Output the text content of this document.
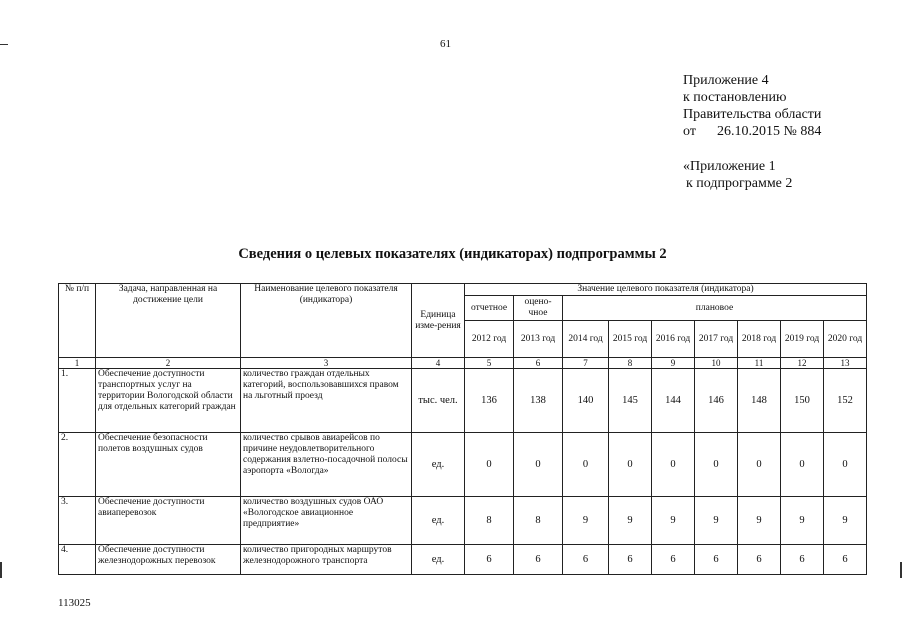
61
Приложение 4
к постановлению
Правительства области
от 26.10.2015 № 884
«Приложение 1
к подпрограмме 2
Сведения о целевых показателях (индикаторах) подпрограммы 2
№ п/п	Задача, направленная на достижение цели	Наименование целевого показателя (индикатора)	Единица изме-рения	Значение целевого показателя (индикатора)								
				отчетное	оцено-чное	плановое						
				2012 год	2013 год	2014 год	2015 год	2016 год	2017 год	2018 год	2019 год	2020 год
1	2	3	4	5	6	7	8	9	10	11	12	13
1.	Обеспечение доступности транспортных услуг на территории Вологодской области для отдельных категорий граждан	количество граждан отдельных категорий, воспользовавшихся правом на льготный проезд	тыс. чел.	136	138	140	145	144	146	148	150	152
2.	Обеспечение безопасности полетов воздушных судов	количество срывов авиарейсов по причине неудовлетворительного содержания взлетно-посадочной полосы аэропорта «Вологда»	ед.	0	0	0	0	0	0	0	0	0
3.	Обеспечение доступности авиаперевозок	количество воздушных судов ОАО «Вологодское авиационное предприятие»	ед.	8	8	9	9	9	9	9	9	9
4.	Обеспечение доступности железнодорожных перевозок	количество пригородных маршрутов железнодорожного транспорта	ед.	6	6	6	6	6	6	6	6	6
113025
